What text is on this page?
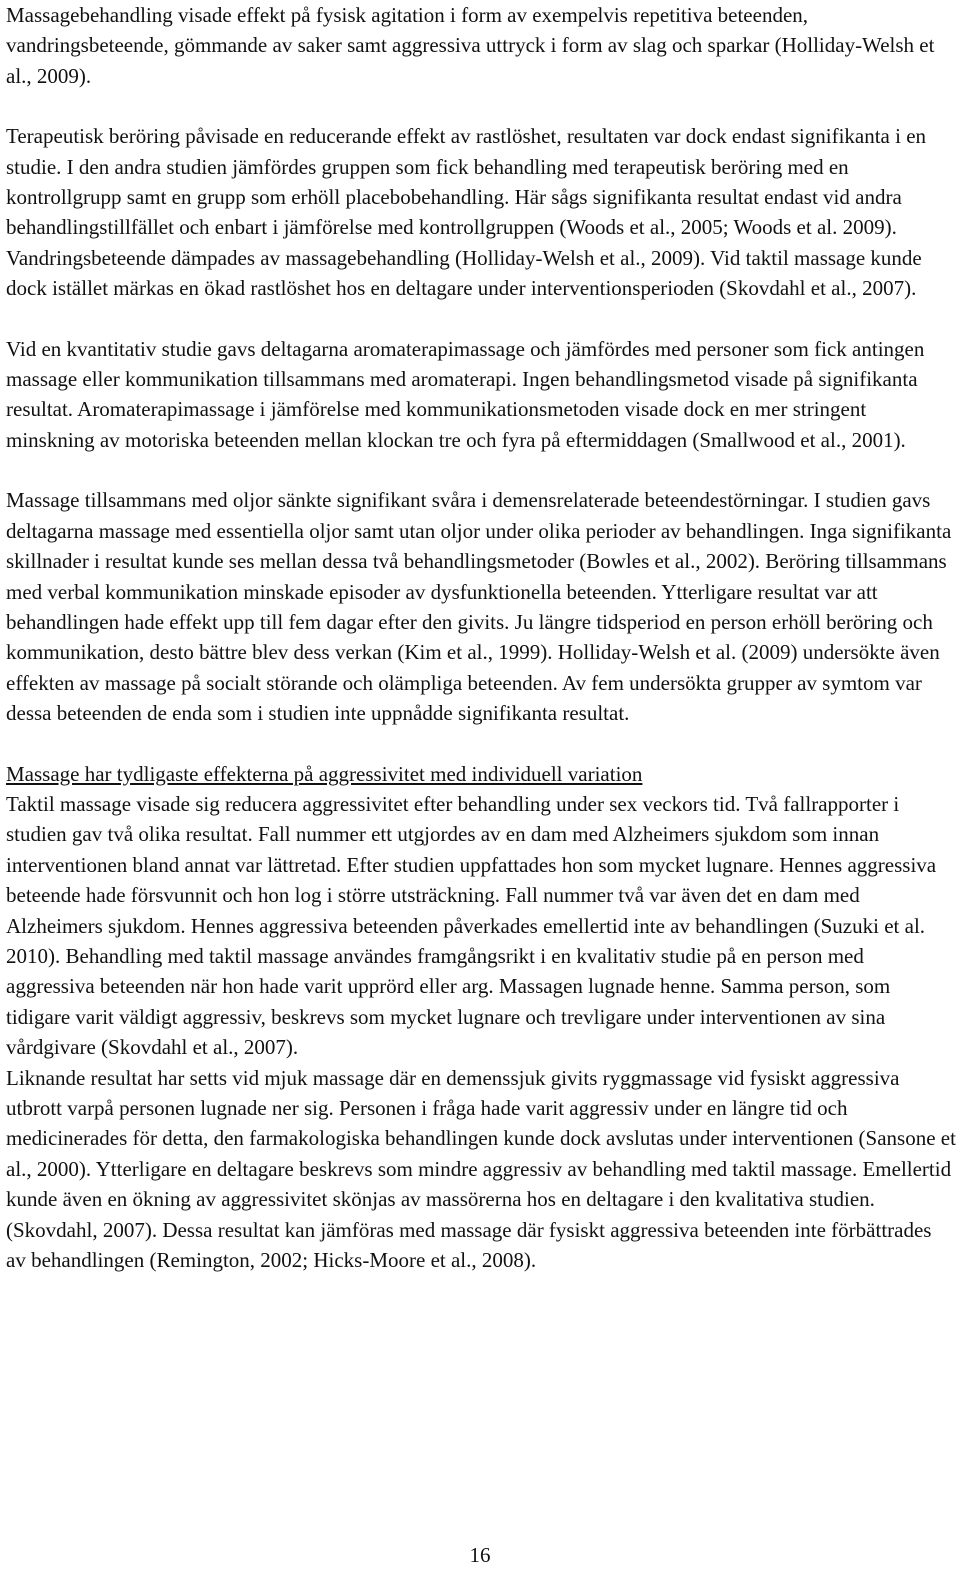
Massagebehandling visade effekt på fysisk agitation i form av exempelvis repetitiva beteenden, vandringsbeteende, gömmande av saker samt aggressiva uttryck i form av slag och sparkar (Holliday-Welsh et al., 2009).

Terapeutisk beröring påvisade en reducerande effekt av rastlöshet, resultaten var dock endast signifikanta i en studie. I den andra studien jämfördes gruppen som fick behandling med terapeutisk beröring med en kontrollgrupp samt en grupp som erhöll placebobehandling. Här sågs signifikanta resultat endast vid andra behandlingstillfället och enbart i jämförelse med kontrollgruppen (Woods et al., 2005; Woods et al. 2009). Vandringsbeteende dämpades av massagebehandling (Holliday-Welsh et al., 2009). Vid taktil massage kunde dock istället märkas en ökad rastlöshet hos en deltagare under interventionsperioden (Skovdahl et al., 2007).

Vid en kvantitativ studie gavs deltagarna aromaterapimassage och jämfördes med personer som fick antingen massage eller kommunikation tillsammans med aromaterapi. Ingen behandlingsmetod visade på signifikanta resultat. Aromaterapimassage i jämförelse med kommunikationsmetoden visade dock en mer stringent minskning av motoriska beteenden mellan klockan tre och fyra på eftermiddagen (Smallwood et al., 2001).

Massage tillsammans med oljor sänkte signifikant svåra i demensrelaterade beteendestörningar. I studien gavs deltagarna massage med essentiella oljor samt utan oljor under olika perioder av behandlingen. Inga signifikanta skillnader i resultat kunde ses mellan dessa två behandlingsmetoder (Bowles et al., 2002). Beröring tillsammans med verbal kommunikation minskade episoder av dysfunktionella beteenden. Ytterligare resultat var att behandlingen hade effekt upp till fem dagar efter den givits. Ju längre tidsperiod en person erhöll beröring och kommunikation, desto bättre blev dess verkan (Kim et al., 1999). Holliday-Welsh et al. (2009) undersökte även effekten av massage på socialt störande och olämpliga beteenden. Av fem undersökta grupper av symtom var dessa beteenden de enda som i studien inte uppnådde signifikanta resultat.

Massage har tydligaste effekterna på aggressivitet med individuell variation

Taktil massage visade sig reducera aggressivitet efter behandling under sex veckors tid. Två fallrapporter i studien gav två olika resultat. Fall nummer ett utgjordes av en dam med Alzheimers sjukdom som innan interventionen bland annat var lättretad. Efter studien uppfattades hon som mycket lugnare. Hennes aggressiva beteende hade försvunnit och hon log i större utsträckning. Fall nummer två var även det en dam med Alzheimers sjukdom. Hennes aggressiva beteenden påverkades emellertid inte av behandlingen (Suzuki et al. 2010). Behandling med taktil massage användes framgångsrikt i en kvalitativ studie på en person med aggressiva beteenden när hon hade varit upprörd eller arg. Massagen lugnade henne. Samma person, som tidigare varit väldigt aggressiv, beskrevs som mycket lugnare och trevligare under interventionen av sina vårdgivare (Skovdahl et al., 2007).

Liknande resultat har setts vid mjuk massage där en demenssjuk givits ryggmassage vid fysiskt aggressiva utbrott varpå personen lugnade ner sig. Personen i fråga hade varit aggressiv under en längre tid och medicinerades för detta, den farmakologiska behandlingen kunde dock avslutas under interventionen (Sansone et al., 2000). Ytterligare en deltagare beskrevs som mindre aggressiv av behandling med taktil massage. Emellertid kunde även en ökning av aggressivitet skönjas av massörerna hos en deltagare i den kvalitativa studien. (Skovdahl, 2007). Dessa resultat kan jämföras med massage där fysiskt aggressiva beteenden inte förbättrades av behandlingen (Remington, 2002; Hicks-Moore et al., 2008).

16
